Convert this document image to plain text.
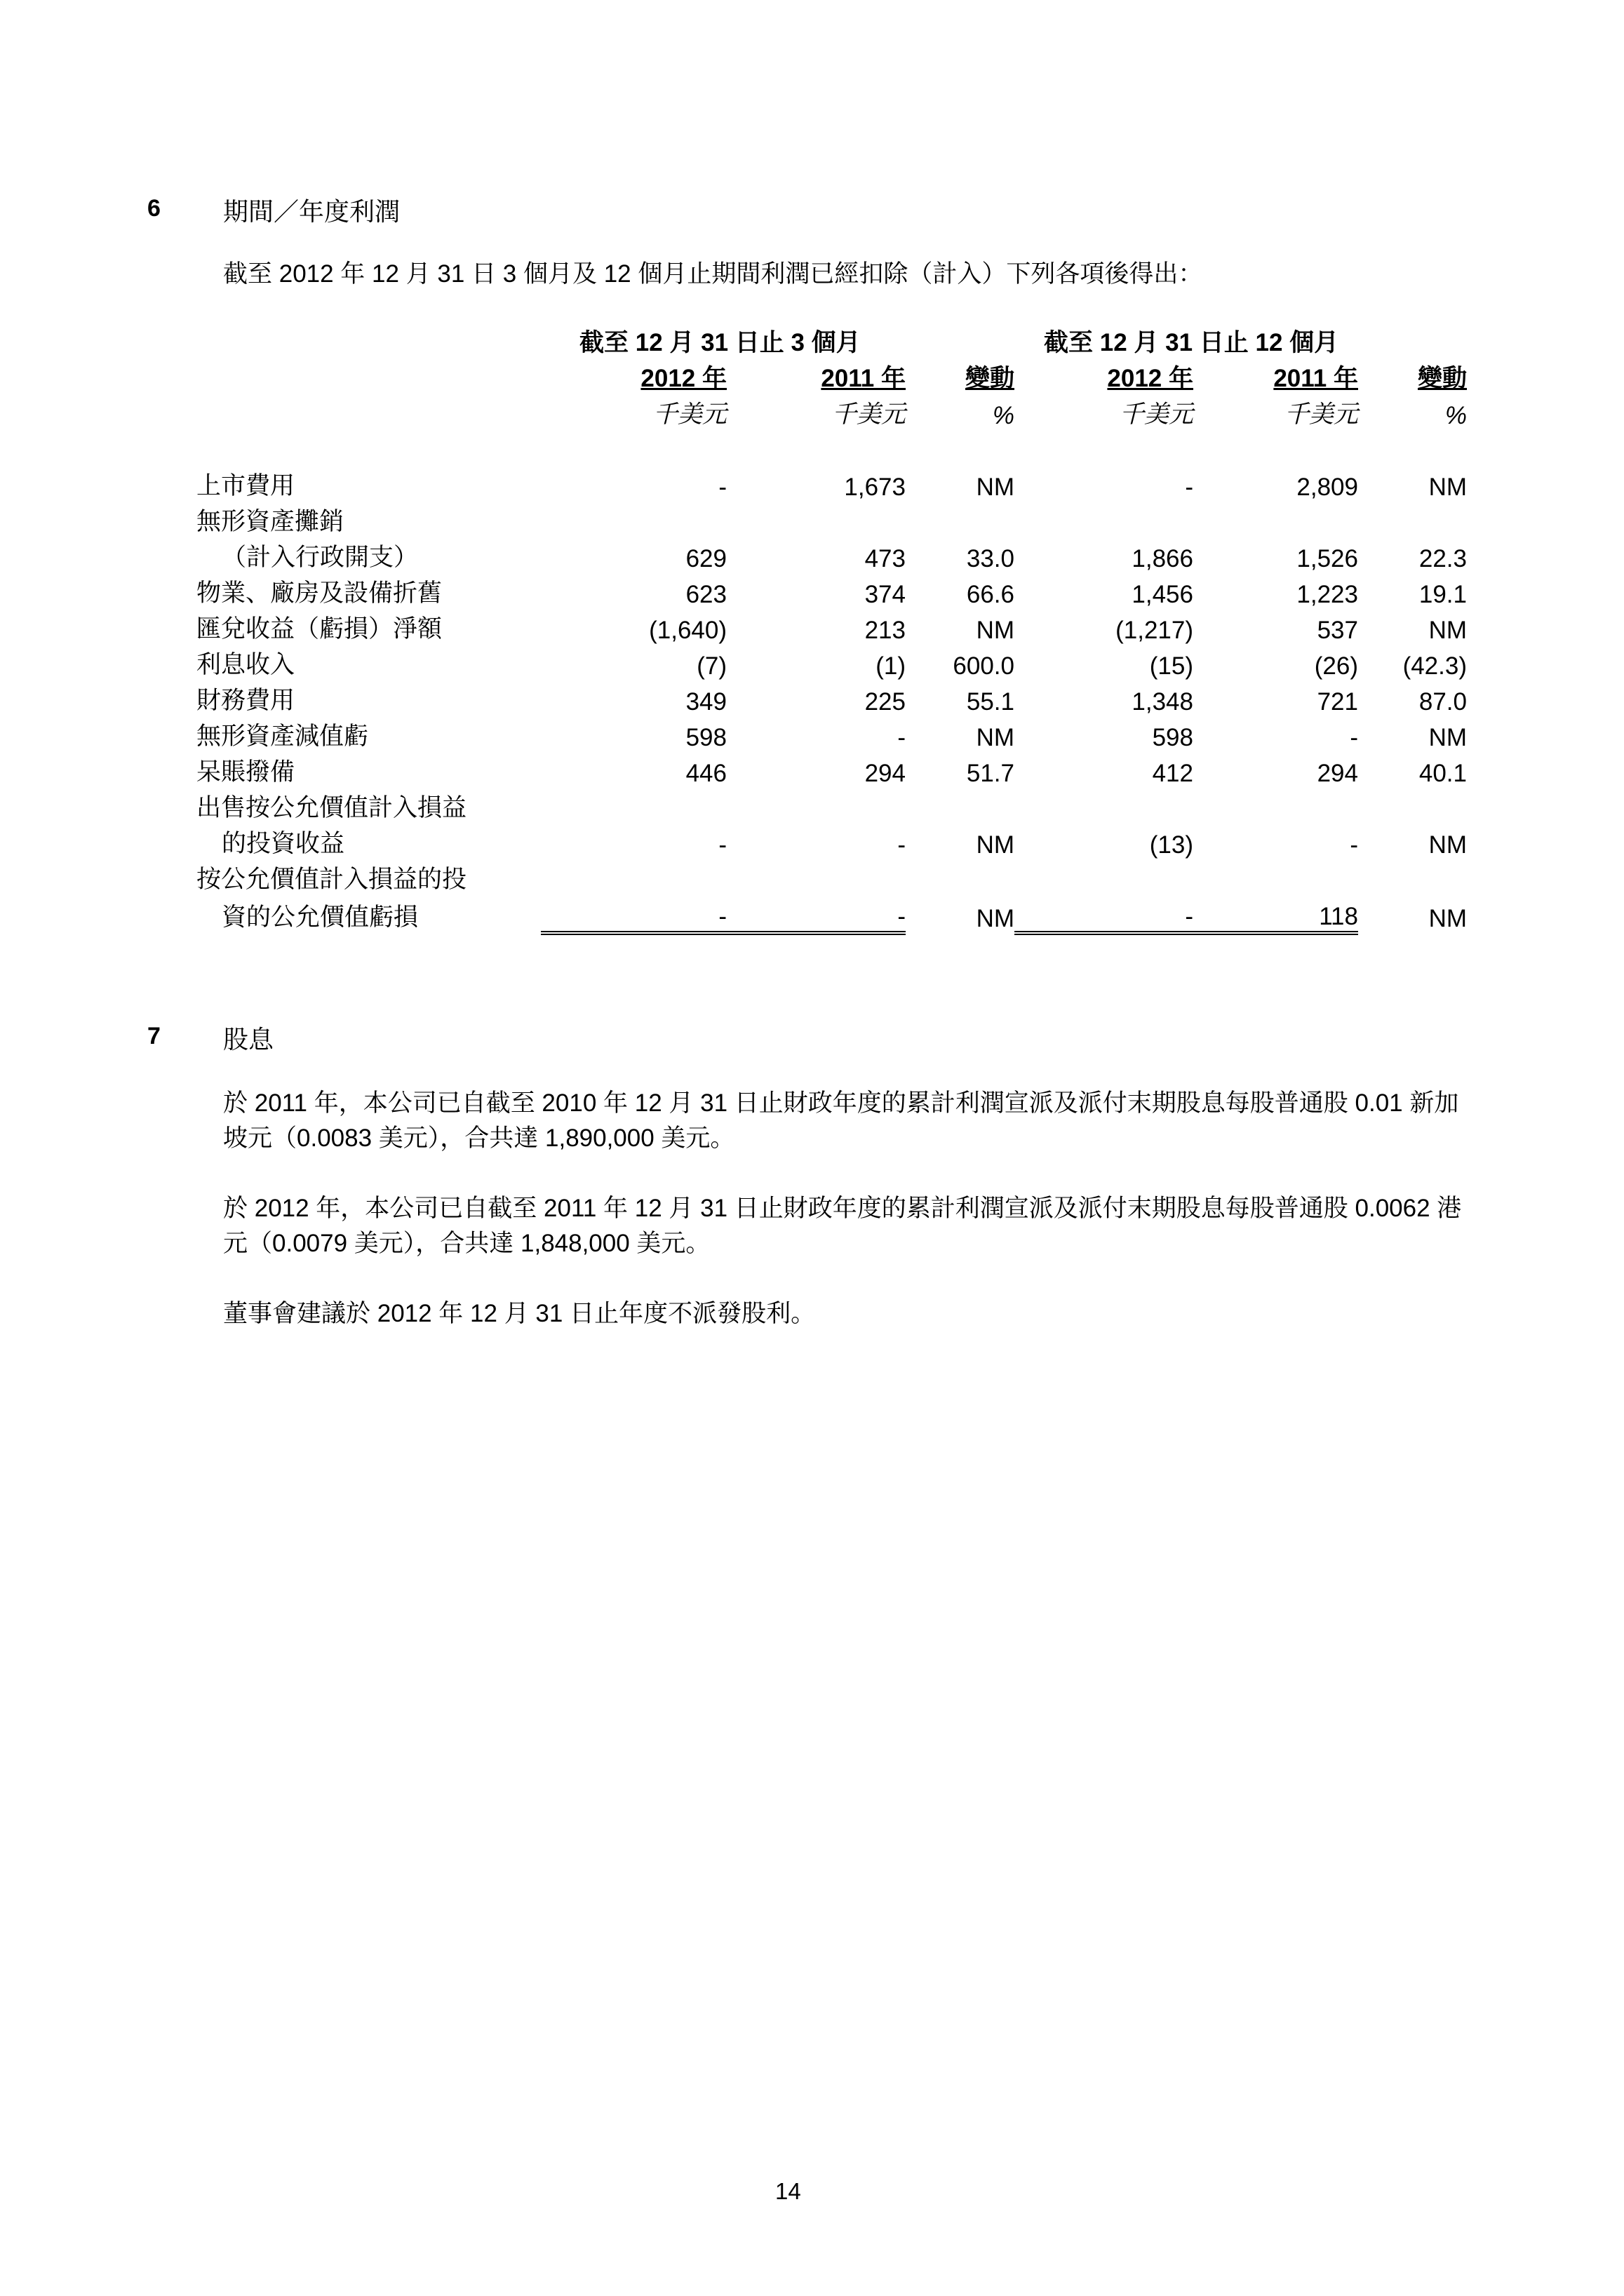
6 期間／年度利潤
截至 2012 年 12 月 31 日 3 個月及 12 個月止期間利潤已經扣除（計入）下列各項後得出：
	截至 12 月 31 日止 3 個月			截至 12 月 31 日止 12 個月		
	2012 年	2011 年	變動	2012 年	2011 年	變動
	千美元	千美元	%	千美元	千美元	%

上市費用	-	1,673	NM	-	2,809	NM
無形資產攤銷						
（計入行政開支）	629	473	33.0	1,866	1,526	22.3
物業、廠房及設備折舊	623	374	66.6	1,456	1,223	19.1
匯兌收益（虧損）淨額	(1,640)	213	NM	(1,217)	537	NM
利息收入	(7)	(1)	600.0	(15)	(26)	(42.3)
財務費用	349	225	55.1	1,348	721	87.0
無形資產減值虧	598	-	NM	598	-	NM
呆賬撥備	446	294	51.7	412	294	40.1
出售按公允價值計入損益						
的投資收益	-	-	NM	(13)	-	NM
按公允價值計入損益的投						
資的公允價值虧損	-	-	NM	-	118	NM
7 股息
於 2011 年，本公司已自截至 2010 年 12 月 31 日止財政年度的累計利潤宣派及派付末期股息每股普通股 0.01 新加坡元（0.0083 美元），合共達 1,890,000 美元。
於 2012 年，本公司已自截至 2011 年 12 月 31 日止財政年度的累計利潤宣派及派付末期股息每股普通股 0.0062 港元（0.0079 美元），合共達 1,848,000 美元。
董事會建議於 2012 年 12 月 31 日止年度不派發股利。
14
